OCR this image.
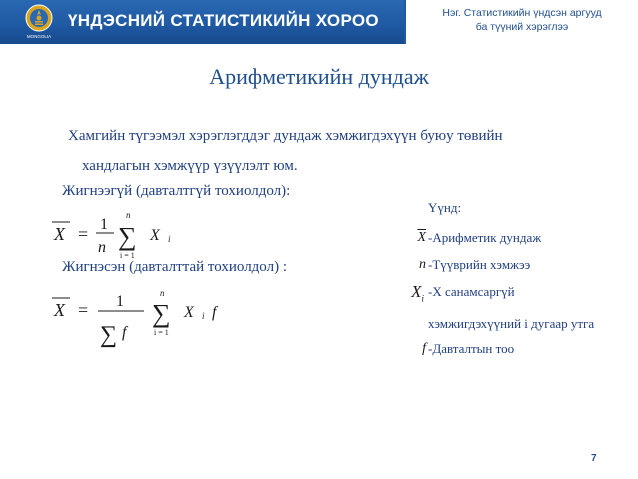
MONGOLIA
ҮНДЭСНИЙ СТАТИСТИКИЙН ХОРОО	Нэг. Статистикийн үндсэн аргууд
ба түүний хэрэглээ
Арифметикийн дундаж
Хамгийн түгээмэл хэрэглэгддэг дундаж хэмжигдэхүүн буюу төвийн
хандлагын хэмжүүр үзүүлэлт юм.
Жигнээгүй (давталтгүй тохиолдол):
X = 1
n
n
∑
i = 1
X i
Жигнэсэн (давталттай тохиолдол) :
X = 1
∑ f
n
∑
i = 1
X i f
Үүнд:
$\overline{X}$ -Арифметик дундаж
n -Түүврийн хэмжээ
$X_i$ -X санамсаргүй
хэмжигдэхүүний i дугаар утга
f -Давталтын тоо
7
